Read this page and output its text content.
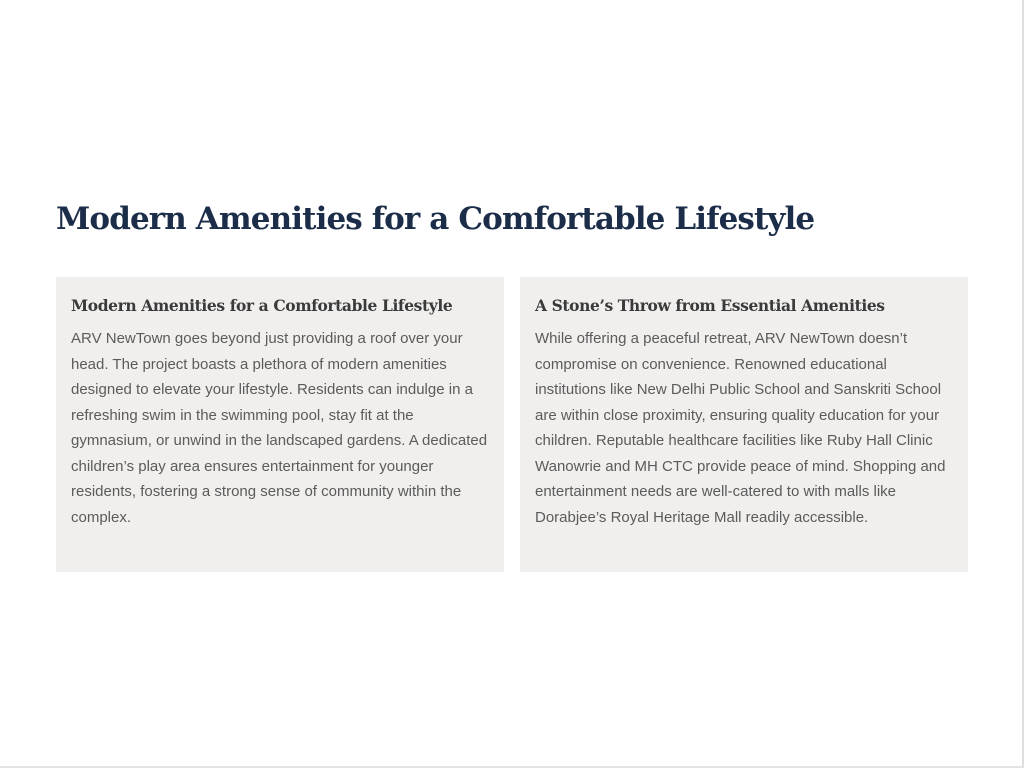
Modern Amenities for a Comfortable Lifestyle
Modern Amenities for a Comfortable Lifestyle

ARV NewTown goes beyond just providing a roof over your head. The project boasts a plethora of modern amenities designed to elevate your lifestyle. Residents can indulge in a refreshing swim in the swimming pool, stay fit at the gymnasium, or unwind in the landscaped gardens. A dedicated children’s play area ensures entertainment for younger residents, fostering a strong sense of community within the complex.

A Stone’s Throw from Essential Amenities

While offering a peaceful retreat, ARV NewTown doesn’t compromise on convenience. Renowned educational institutions like New Delhi Public School and Sanskriti School are within close proximity, ensuring quality education for your children. Reputable healthcare facilities like Ruby Hall Clinic Wanowrie and MH CTC provide peace of mind. Shopping and entertainment needs are well-catered to with malls like Dorabjee’s Royal Heritage Mall readily accessible.
